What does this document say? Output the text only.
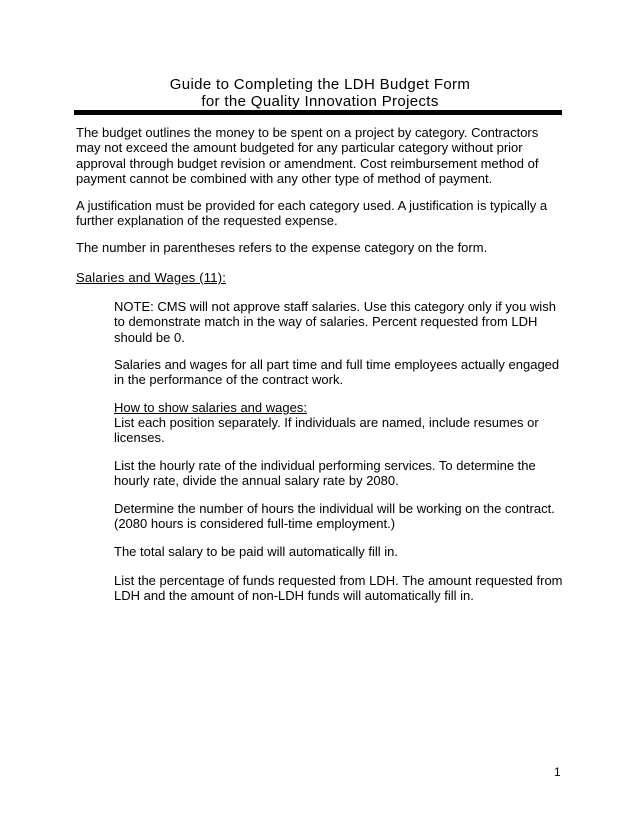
Guide to Completing the LDH Budget Form
for the Quality Innovation Projects

The budget outlines the money to be spent on a project by category. Contractors may not exceed the amount budgeted for any particular category without prior approval through budget revision or amendment. Cost reimbursement method of payment cannot be combined with any other type of method of payment.

A justification must be provided for each category used. A justification is typically a further explanation of the requested expense.

The number in parentheses refers to the expense category on the form.

Salaries and Wages (11):

NOTE: CMS will not approve staff salaries. Use this category only if you wish to demonstrate match in the way of salaries. Percent requested from LDH should be 0.

Salaries and wages for all part time and full time employees actually engaged in the performance of the contract work.

How to show salaries and wages:

List each position separately. If individuals are named, include resumes or licenses.

List the hourly rate of the individual performing services. To determine the hourly rate, divide the annual salary rate by 2080.

Determine the number of hours the individual will be working on the contract. (2080 hours is considered full-time employment.)

The total salary to be paid will automatically fill in.

List the percentage of funds requested from LDH. The amount requested from LDH and the amount of non-LDH funds will automatically fill in.

1
